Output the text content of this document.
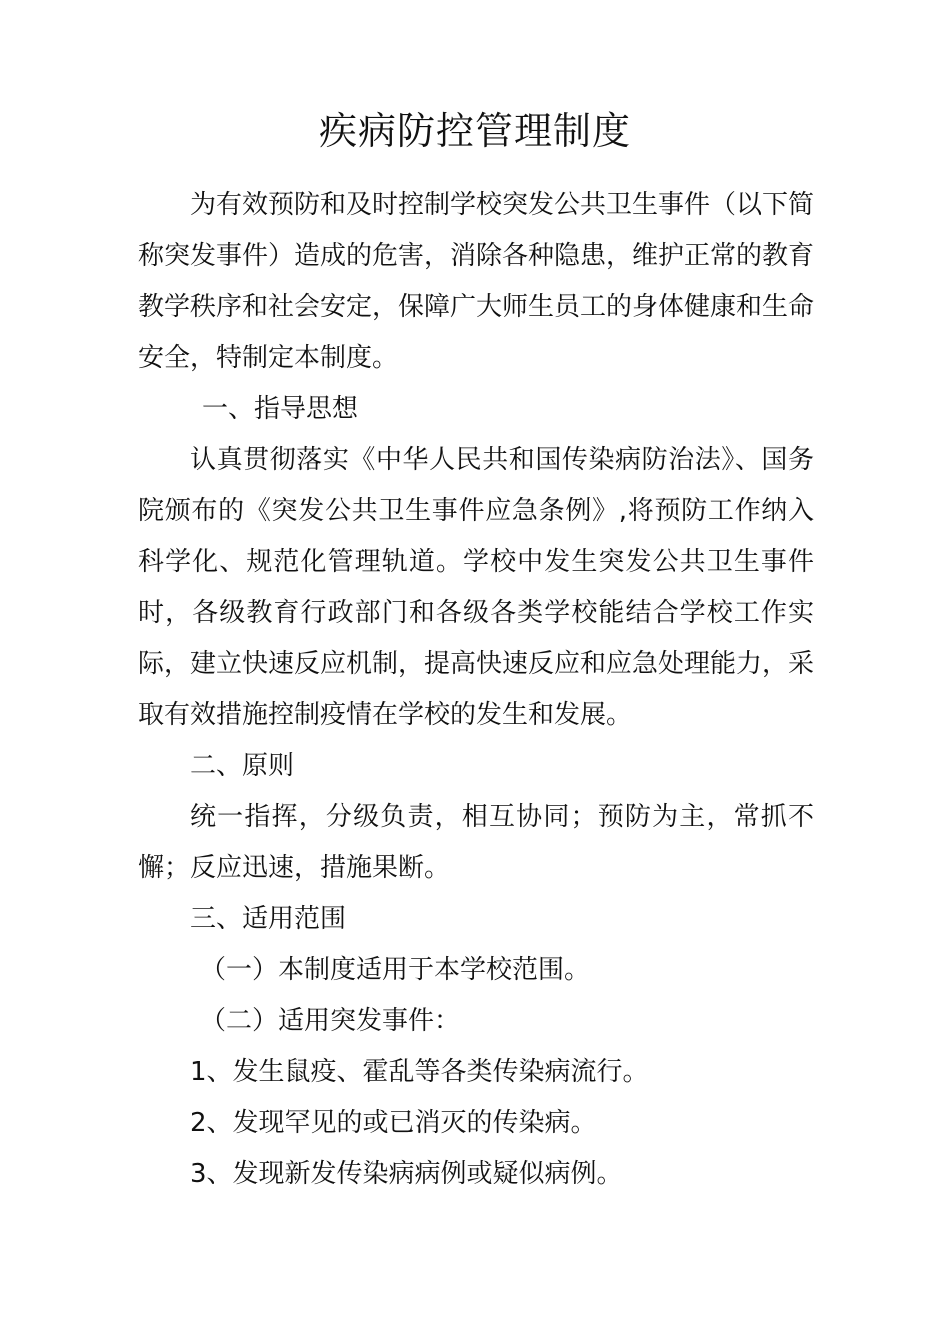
疾病防控管理制度

为有效预防和及时控制学校突发公共卫生事件（以下简称突发事件）造成的危害，消除各种隐患，维护正常的教育教学秩序和社会安定，保障广大师生员工的身体健康和生命安全，特制定本制度。

一、指导思想

认真贯彻落实《中华人民共和国传染病防治法》、国务院颁布的《突发公共卫生事件应急条例》,将预防工作纳入科学化、规范化管理轨道。学校中发生突发公共卫生事件时，各级教育行政部门和各级各类学校能结合学校工作实际，建立快速反应机制，提高快速反应和应急处理能力，采取有效措施控制疫情在学校的发生和发展。

二、原则

统一指挥，分级负责，相互协同；预防为主，常抓不懈；反应迅速，措施果断。

三、适用范围

（一）本制度适用于本学校范围。

（二）适用突发事件：

1、发生鼠疫、霍乱等各类传染病流行。

2、发现罕见的或已消灭的传染病。

3、发现新发传染病病例或疑似病例。
